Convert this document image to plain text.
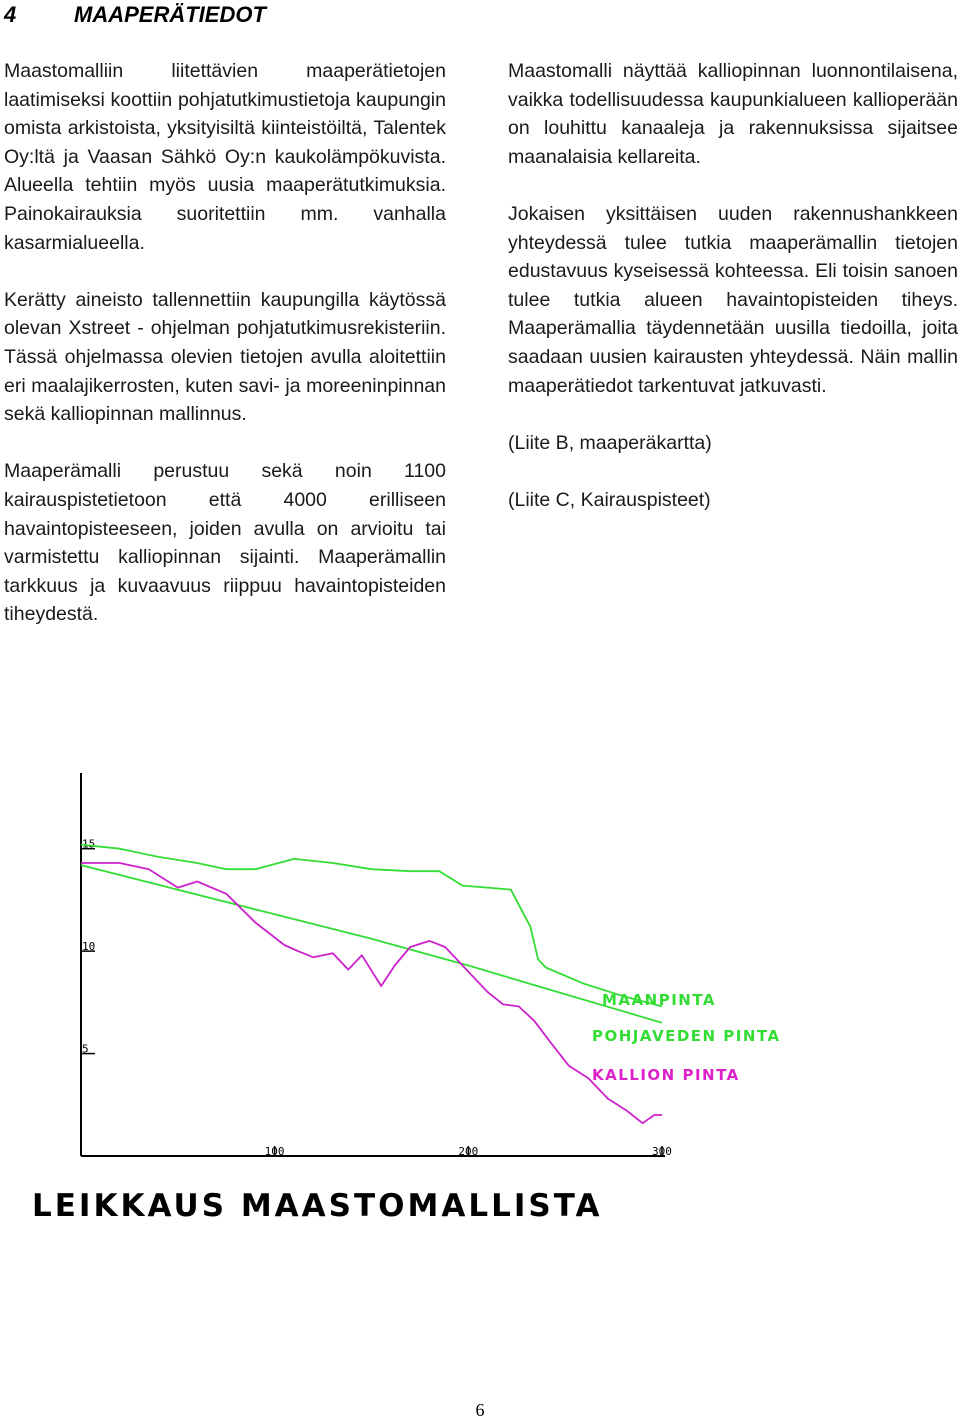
4	MAAPERÄTIEDOT

Maastomalliin liitettävien maaperätietojen laatimiseksi koottiin pohjatutkimustietoja kaupungin omista arkistoista, yksityisiltä kiinteistöiltä, Talentek Oy:ltä ja Vaasan Sähkö Oy:n kaukolämpökuvista. Alueella tehtiin myös uusia maaperätutkimuksia. Painokairauksia suoritettiin mm. vanhalla kasarmialueella.

Kerätty aineisto tallennettiin kaupungilla käytössä olevan Xstreet - ohjelman pohjatutkimusrekisteriin. Tässä ohjelmassa olevien tietojen avulla aloitettiin eri maalajikerrosten, kuten savi- ja moreeninpinnan sekä kalliopinnan mallinnus.

Maaperämalli perustuu sekä noin 1100 kairauspistetietoon että 4000 erilliseen havaintopisteeseen, joiden avulla on arvioitu tai varmistettu kalliopinnan sijainti. Maaperämallin tarkkuus ja kuvaavuus riippuu havaintopisteiden tiheydestä.

Maastomalli näyttää kalliopinnan luonnontilaisena, vaikka todellisuudessa kaupunkialueen kallioperään on louhittu kanaaleja ja rakennuksissa sijaitsee maanalaisia kellareita.

Jokaisen yksittäisen uuden rakennushankkeen yhteydessä tulee tutkia maaperämallin tietojen edustavuus kyseisessä kohteessa. Eli toisin sanoen tulee tutkia alueen havaintopisteiden tiheys. Maaperämallia täydennetään uusilla tiedoilla, joita saadaan uusien kairausten yhteydessä. Näin mallin maaperätiedot tarkentuvat jatkuvasti.

(Liite B, maaperäkartta)

(Liite C, Kairauspisteet)

5
10
15
100	200	300
MAANPINTA
POHJAVEDEN PINTA
KALLION PINTA
LEIKKAUS MAASTOMALLISTA
6
